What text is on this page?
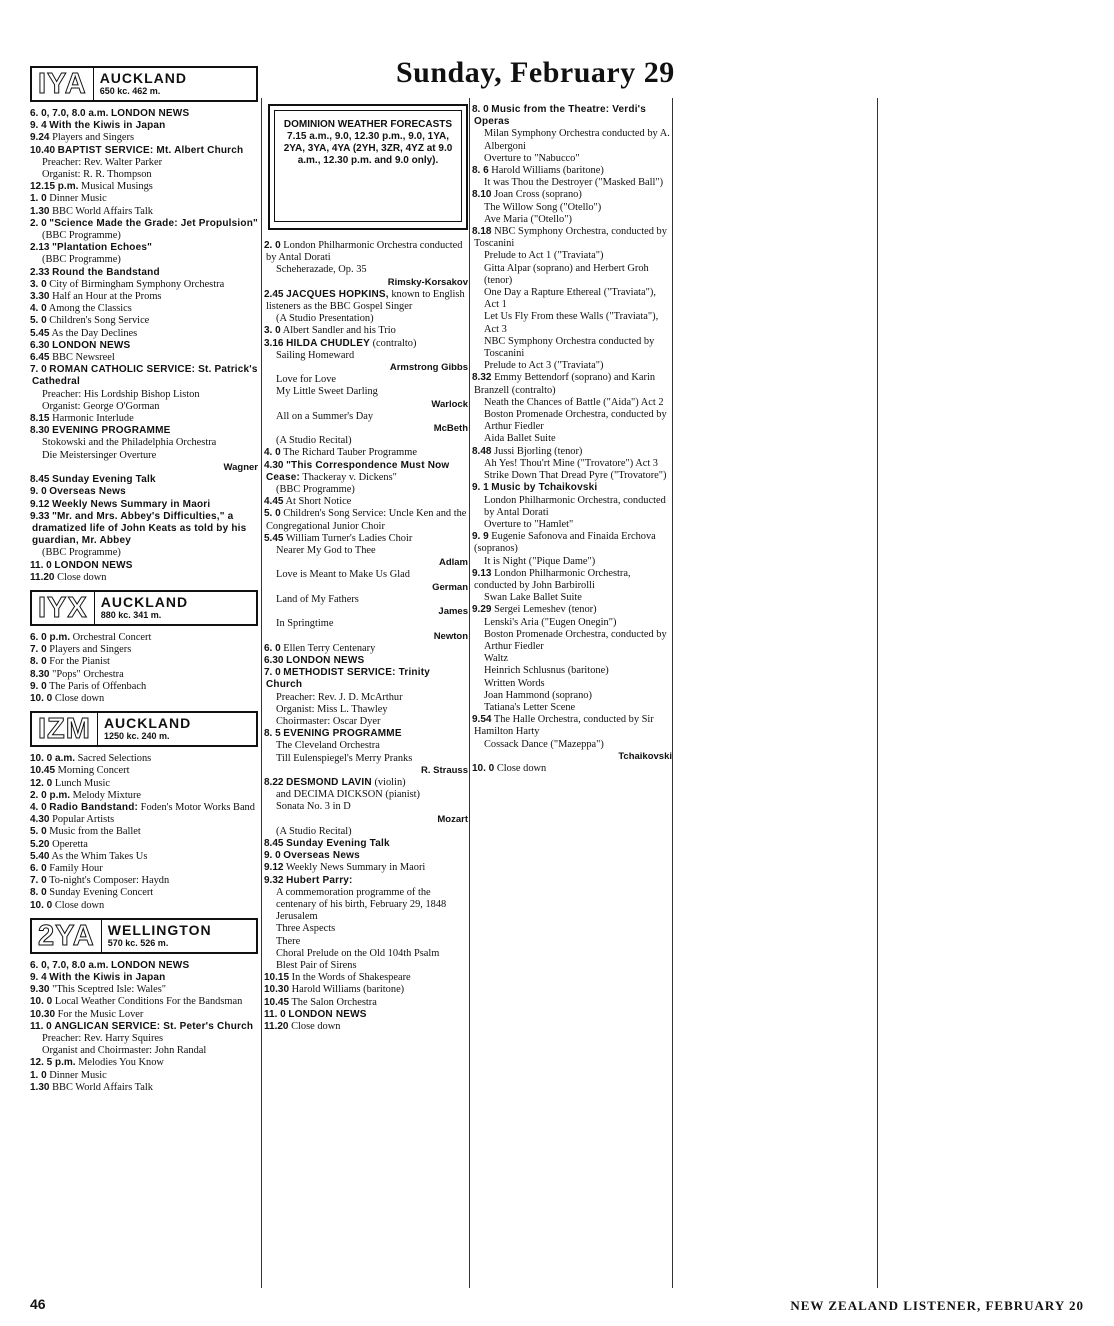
Sunday, February 29
DOMINION WEATHER FORECASTS
7.15 a.m., 9.0, 12.30 p.m., 9.0, 1YA, 2YA, 3YA, 4YA (2YH, 3ZR, 4YZ at 9.0 a.m., 12.30 p.m. and 9.0 only).
IYA AUCKLAND
650 kc. 462 m.

6. 0, 7.0, 8.0 a.m. LONDON NEWS

9. 4 With the Kiwis in Japan

9.24 Players and Singers

10.40 BAPTIST SERVICE: Mt. Albert Church

Preacher: Rev. Walter Parker

Organist: R. R. Thompson

12.15 p.m. Musical Musings

1. 0 Dinner Music

1.30 BBC World Affairs Talk

2. 0 "Science Made the Grade: Jet Propulsion"

(BBC Programme)

2.13 "Plantation Echoes"

(BBC Programme)

2.33 Round the Bandstand

3. 0 City of Birmingham Symphony Orchestra

3.30 Half an Hour at the Proms

4. 0 Among the Classics

5. 0 Children's Song Service

5.45 As the Day Declines

6.30 LONDON NEWS

6.45 BBC Newsreel

7. 0 ROMAN CATHOLIC SERVICE: St. Patrick's Cathedral

Preacher: His Lordship Bishop Liston

Organist: George O'Gorman

8.15 Harmonic Interlude

8.30 EVENING PROGRAMME

Stokowski and the Philadelphia Orchestra

Die Meistersinger Overture

Wagner

8.45 Sunday Evening Talk

9. 0 Overseas News

9.12 Weekly News Summary in Maori

9.33 "Mr. and Mrs. Abbey's Difficulties," a dramatized life of John Keats as told by his guardian, Mr. Abbey

(BBC Programme)

11. 0 LONDON NEWS

11.20 Close down

IYX AUCKLAND
880 kc. 341 m.

6. 0 p.m. Orchestral Concert

7. 0 Players and Singers

8. 0 For the Pianist

8.30 "Pops" Orchestra

9. 0 The Paris of Offenbach

10. 0 Close down

IZM AUCKLAND
1250 kc. 240 m.

10. 0 a.m. Sacred Selections

10.45 Morning Concert

12. 0 Lunch Music

2. 0 p.m. Melody Mixture

4. 0 Radio Bandstand: Foden's Motor Works Band

4.30 Popular Artists

5. 0 Music from the Ballet

5.20 Operetta

5.40 As the Whim Takes Us

6. 0 Family Hour

7. 0 To-night's Composer: Haydn

8. 0 Sunday Evening Concert

10. 0 Close down

2YA WELLINGTON
570 kc. 526 m.

6. 0, 7.0, 8.0 a.m. LONDON NEWS

9. 4 With the Kiwis in Japan

9.30 "This Sceptred Isle: Wales"

10. 0 Local Weather Conditions For the Bandsman

10.30 For the Music Lover

11. 0 ANGLICAN SERVICE: St. Peter's Church

Preacher: Rev. Harry Squires

Organist and Choirmaster: John Randal

12. 5 p.m. Melodies You Know

1. 0 Dinner Music

1.30 BBC World Affairs Talk

2. 0 London Philharmonic Orchestra conducted by Antal Dorati

Scheherazade, Op. 35

Rimsky-Korsakov

2.45 JACQUES HOPKINS, known to English listeners as the BBC Gospel Singer

(A Studio Presentation)

3. 0 Albert Sandler and his Trio

3.16 HILDA CHUDLEY (contralto)

Sailing Homeward

Armstrong Gibbs

Love for Love

My Little Sweet Darling

Warlock

All on a Summer's Day

McBeth

(A Studio Recital)

4. 0 The Richard Tauber Programme

4.30 "This Correspondence Must Now Cease: Thackeray v. Dickens"

(BBC Programme)

4.45 At Short Notice

5. 0 Children's Song Service: Uncle Ken and the Congregational Junior Choir

5.45 William Turner's Ladies Choir

Nearer My God to Thee

Adlam

Love is Meant to Make Us Glad

German

Land of My Fathers

James

In Springtime

Newton

6. 0 Ellen Terry Centenary

6.30 LONDON NEWS

7. 0 METHODIST SERVICE: Trinity Church

Preacher: Rev. J. D. McArthur

Organist: Miss L. Thawley

Choirmaster: Oscar Dyer

8. 5 EVENING PROGRAMME

The Cleveland Orchestra

Till Eulenspiegel's Merry Pranks

R. Strauss

8.22 DESMOND LAVIN (violin)

and DECIMA DICKSON (pianist)

Sonata No. 3 in D

Mozart

(A Studio Recital)

8.45 Sunday Evening Talk

9. 0 Overseas News

9.12 Weekly News Summary in Maori

9.32 Hubert Parry:

A commemoration programme of the centenary of his birth, February 29, 1848

Jerusalem

Three Aspects

There

Choral Prelude on the Old 104th Psalm

Blest Pair of Sirens

10.15 In the Words of Shakespeare

10.30 Harold Williams (baritone)

10.45 The Salon Orchestra

11. 0 LONDON NEWS

11.20 Close down

8. 0 Music from the Theatre: Verdi's Operas

Milan Symphony Orchestra conducted by A. Albergoni

Overture to "Nabucco"

8. 6 Harold Williams (baritone)

It was Thou the Destroyer ("Masked Ball")

8.10 Joan Cross (soprano)

The Willow Song ("Otello")

Ave Maria ("Otello")

8.18 NBC Symphony Orchestra, conducted by Toscanini

Prelude to Act 1 ("Traviata")

Gitta Alpar (soprano) and Herbert Groh (tenor)

One Day a Rapture Ethereal ("Traviata"), Act 1

Let Us Fly From these Walls ("Traviata"), Act 3

NBC Symphony Orchestra conducted by Toscanini

Prelude to Act 3 ("Traviata")

8.32 Emmy Bettendorf (soprano) and Karin Branzell (contralto)

Neath the Chances of Battle ("Aida") Act 2

Boston Promenade Orchestra, conducted by Arthur Fiedler

Aida Ballet Suite

8.48 Jussi Bjorling (tenor)

Ah Yes! Thou'rt Mine ("Trovatore") Act 3

Strike Down That Dread Pyre ("Trovatore")

9. 1 Music by Tchaikovski

London Philharmonic Orchestra, conducted by Antal Dorati

Overture to "Hamlet"

9. 9 Eugenie Safonova and Finaida Erchova (sopranos)

It is Night ("Pique Dame")

9.13 London Philharmonic Orchestra, conducted by John Barbirolli

Swan Lake Ballet Suite

9.29 Sergei Lemeshev (tenor)

Lenski's Aria ("Eugen Onegin")

Boston Promenade Orchestra, conducted by Arthur Fiedler

Waltz

Heinrich Schlusnus (baritone)

Written Words

Joan Hammond (soprano)

Tatiana's Letter Scene

9.54 The Halle Orchestra, conducted by Sir Hamilton Harty

Cossack Dance ("Mazeppa")

Tchaikovski

10. 0 Close down

46	NEW ZEALAND LISTENER, FEBRUARY 20
